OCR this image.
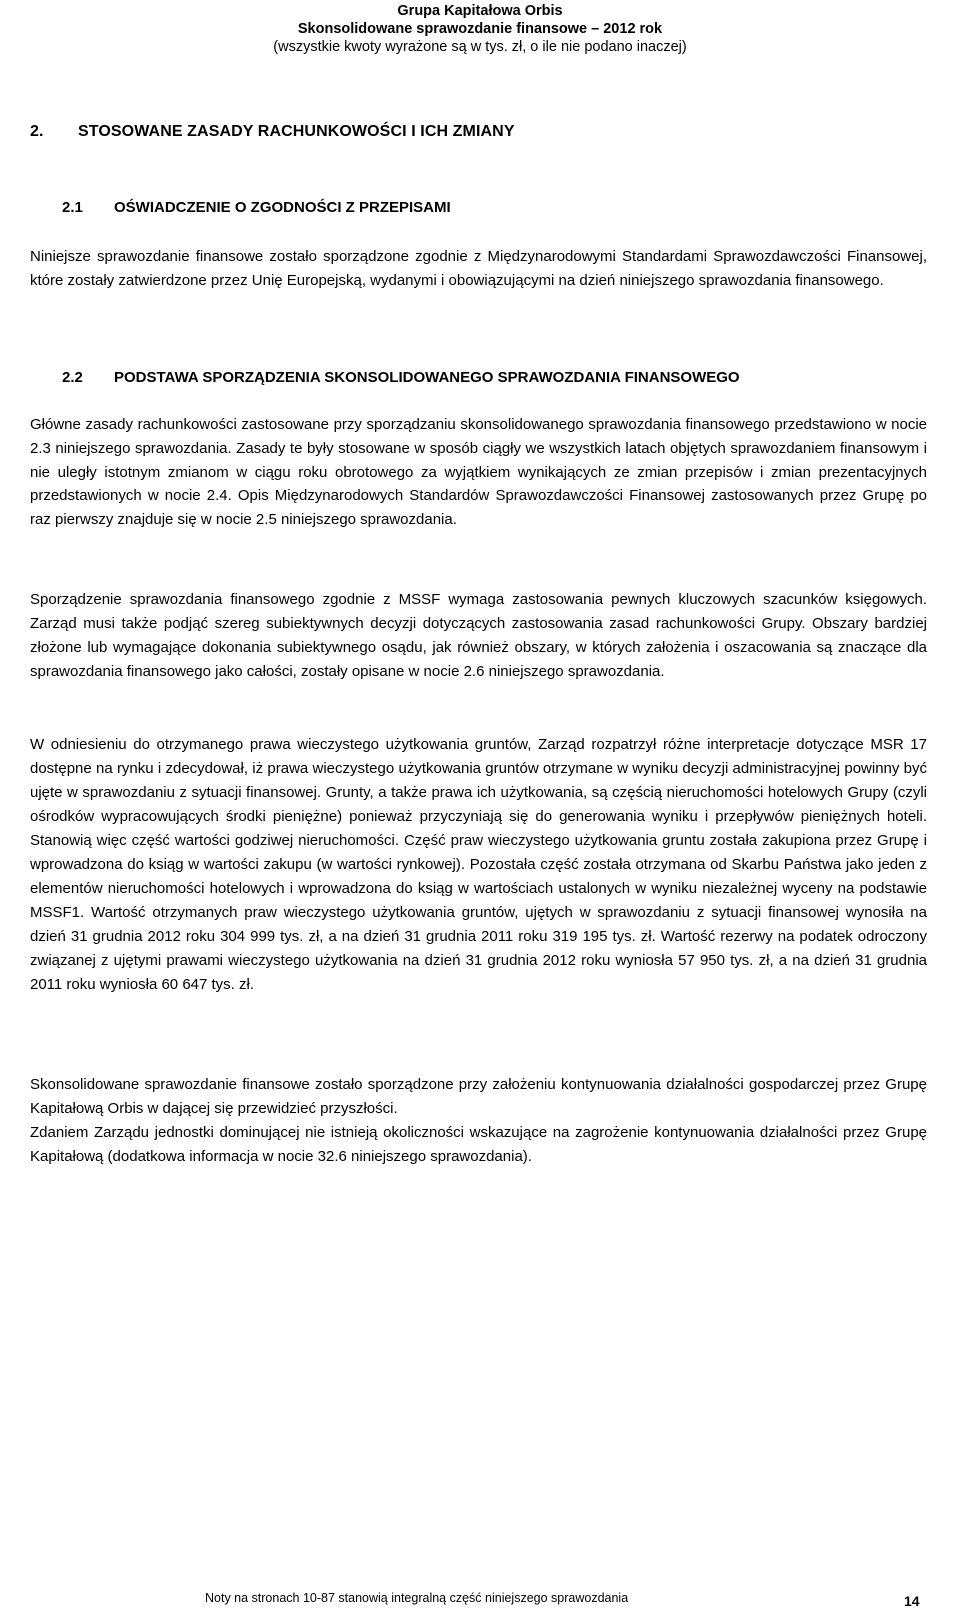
Grupa Kapitałowa Orbis
Skonsolidowane sprawozdanie finansowe – 2012 rok
(wszystkie kwoty wyrażone są w tys. zł, o ile nie podano inaczej)
2. STOSOWANE ZASADY RACHUNKOWOŚCI I ICH ZMIANY
2.1 OŚWIADCZENIE O ZGODNOŚCI Z PRZEPISAMI
Niniejsze sprawozdanie finansowe zostało sporządzone zgodnie z Międzynarodowymi Standardami Sprawozdawczości Finansowej, które zostały zatwierdzone przez Unię Europejską, wydanymi i obowiązującymi na dzień niniejszego sprawozdania finansowego.
2.2 PODSTAWA SPORZĄDZENIA SKONSOLIDOWANEGO SPRAWOZDANIA FINANSOWEGO
Główne zasady rachunkowości zastosowane przy sporządzaniu skonsolidowanego sprawozdania finansowego przedstawiono w nocie 2.3 niniejszego sprawozdania. Zasady te były stosowane w sposób ciągły we wszystkich latach objętych sprawozdaniem finansowym i nie uległy istotnym zmianom w ciągu roku obrotowego za wyjątkiem wynikających ze zmian przepisów i zmian prezentacyjnych przedstawionych w nocie 2.4. Opis Międzynarodowych Standardów Sprawozdawczości Finansowej zastosowanych przez Grupę po raz pierwszy znajduje się w nocie 2.5 niniejszego sprawozdania.
Sporządzenie sprawozdania finansowego zgodnie z MSSF wymaga zastosowania pewnych kluczowych szacunków księgowych. Zarząd musi także podjąć szereg subiektywnych decyzji dotyczących zastosowania zasad rachunkowości Grupy. Obszary bardziej złożone lub wymagające dokonania subiektywnego osądu, jak również obszary, w których założenia i oszacowania są znaczące dla sprawozdania finansowego jako całości, zostały opisane w nocie 2.6 niniejszego sprawozdania.
W odniesieniu do otrzymanego prawa wieczystego użytkowania gruntów, Zarząd rozpatrzył różne interpretacje dotyczące MSR 17 dostępne na rynku i zdecydował, iż prawa wieczystego użytkowania gruntów otrzymane w wyniku decyzji administracyjnej powinny być ujęte w sprawozdaniu z sytuacji finansowej. Grunty, a także prawa ich użytkowania, są częścią nieruchomości hotelowych Grupy (czyli ośrodków wypracowujących środki pieniężne) ponieważ przyczyniają się do generowania wyniku i przepływów pieniężnych hoteli. Stanowią więc część wartości godziwej nieruchomości. Część praw wieczystego użytkowania gruntu została zakupiona przez Grupę i wprowadzona do ksiąg w wartości zakupu (w wartości rynkowej). Pozostała część została otrzymana od Skarbu Państwa jako jeden z elementów nieruchomości hotelowych i wprowadzona do ksiąg w wartościach ustalonych w wyniku niezależnej wyceny na podstawie MSSF1. Wartość otrzymanych praw wieczystego użytkowania gruntów, ujętych w sprawozdaniu z sytuacji finansowej wynosiła na dzień 31 grudnia 2012 roku 304 999 tys. zł, a na dzień 31 grudnia 2011 roku 319 195 tys. zł. Wartość rezerwy na podatek odroczony związanej z ujętymi prawami wieczystego użytkowania na dzień 31 grudnia 2012 roku wyniosła 57 950 tys. zł, a na dzień 31 grudnia 2011 roku wyniosła 60 647 tys. zł.
Skonsolidowane sprawozdanie finansowe zostało sporządzone przy założeniu kontynuowania działalności gospodarczej przez Grupę Kapitałową Orbis w dającej się przewidzieć przyszłości.
Zdaniem Zarządu jednostki dominującej nie istnieją okoliczności wskazujące na zagrożenie kontynuowania działalności przez Grupę Kapitałową (dodatkowa informacja w nocie 32.6 niniejszego sprawozdania).
Noty na stronach 10-87 stanowią integralną część niniejszego sprawozdania	14
